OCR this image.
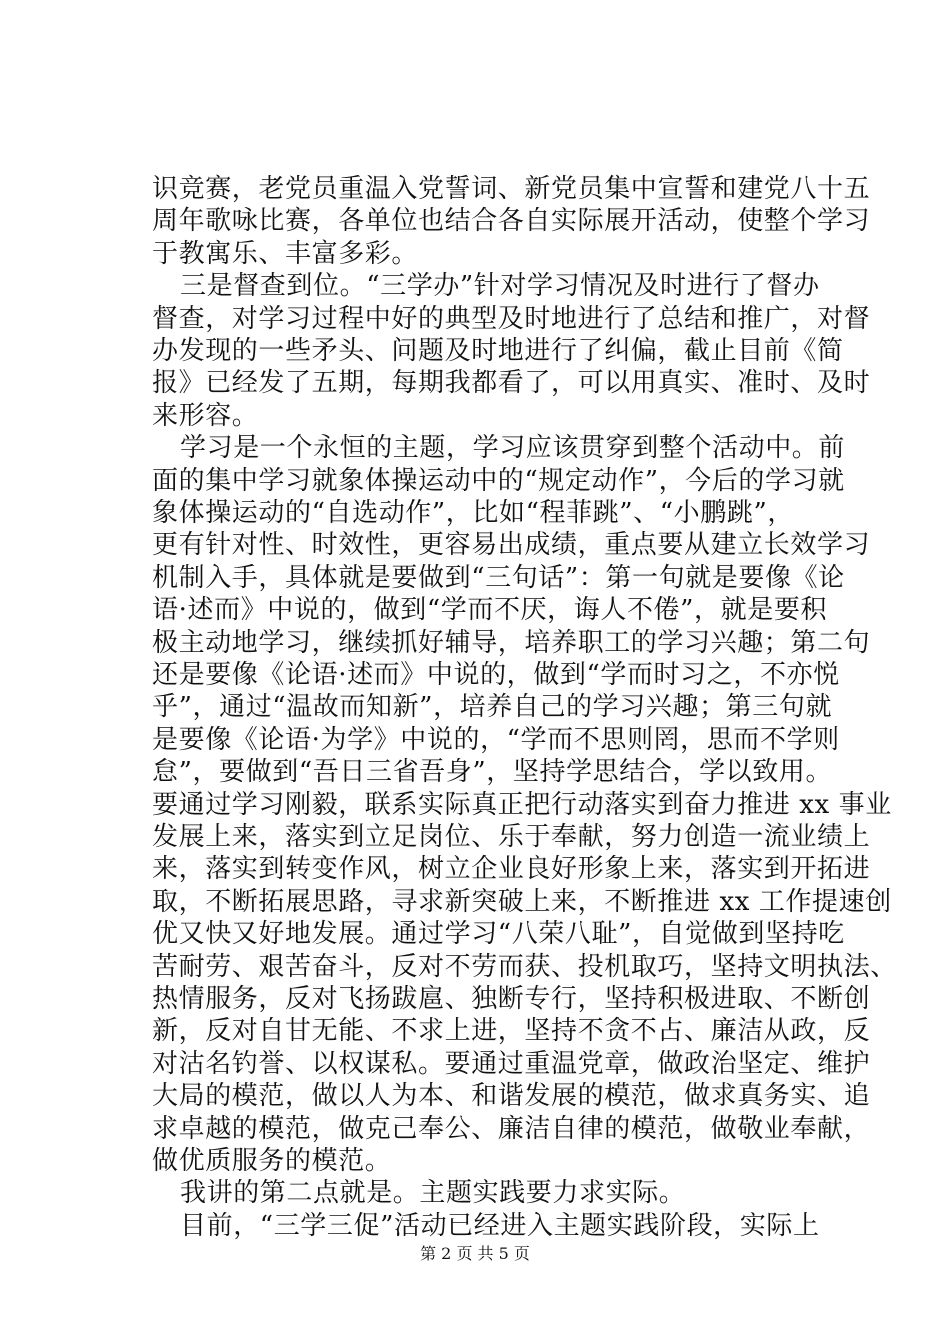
识竞赛，老党员重温入党誓词、新党员集中宣誓和建党八十五
周年歌咏比赛，各单位也结合各自实际展开活动，使整个学习
于教寓乐、丰富多彩。
三是督查到位。“三学办”针对学习情况及时进行了督办
督查，对学习过程中好的典型及时地进行了总结和推广，对督
办发现的一些矛头、问题及时地进行了纠偏，截止目前《简
报》已经发了五期，每期我都看了，可以用真实、准时、及时
来形容。
学习是一个永恒的主题，学习应该贯穿到整个活动中。前
面的集中学习就象体操运动中的“规定动作”，今后的学习就
象体操运动的“自选动作”，比如“程菲跳”、“小鹏跳”，
更有针对性、时效性，更容易出成绩，重点要从建立长效学习
机制入手，具体就是要做到“三句话”：第一句就是要像《论
语·述而》中说的，做到“学而不厌，诲人不倦”，就是要积
极主动地学习，继续抓好辅导，培养职工的学习兴趣；第二句
还是要像《论语·述而》中说的，做到“学而时习之，不亦悦
乎”，通过“温故而知新”，培养自己的学习兴趣；第三句就
是要像《论语·为学》中说的，“学而不思则罔，思而不学则
怠”，要做到“吾日三省吾身”，坚持学思结合，学以致用。
要通过学习刚毅，联系实际真正把行动落实到奋力推进 xx 事业
发展上来，落实到立足岗位、乐于奉献，努力创造一流业绩上
来，落实到转变作风，树立企业良好形象上来，落实到开拓进
取，不断拓展思路，寻求新突破上来，不断推进 xx 工作提速创
优又快又好地发展。通过学习“八荣八耻”，自觉做到坚持吃
苦耐劳、艰苦奋斗，反对不劳而获、投机取巧，坚持文明执法、
热情服务，反对飞扬跋扈、独断专行，坚持积极进取、不断创
新，反对自甘无能、不求上进，坚持不贪不占、廉洁从政，反
对沽名钓誉、以权谋私。要通过重温党章，做政治坚定、维护
大局的模范，做以人为本、和谐发展的模范，做求真务实、追
求卓越的模范，做克己奉公、廉洁自律的模范，做敬业奉献，
做优质服务的模范。
我讲的第二点就是。主题实践要力求实际。
目前，“三学三促”活动已经进入主题实践阶段，实际上
第 2 页 共 5 页
